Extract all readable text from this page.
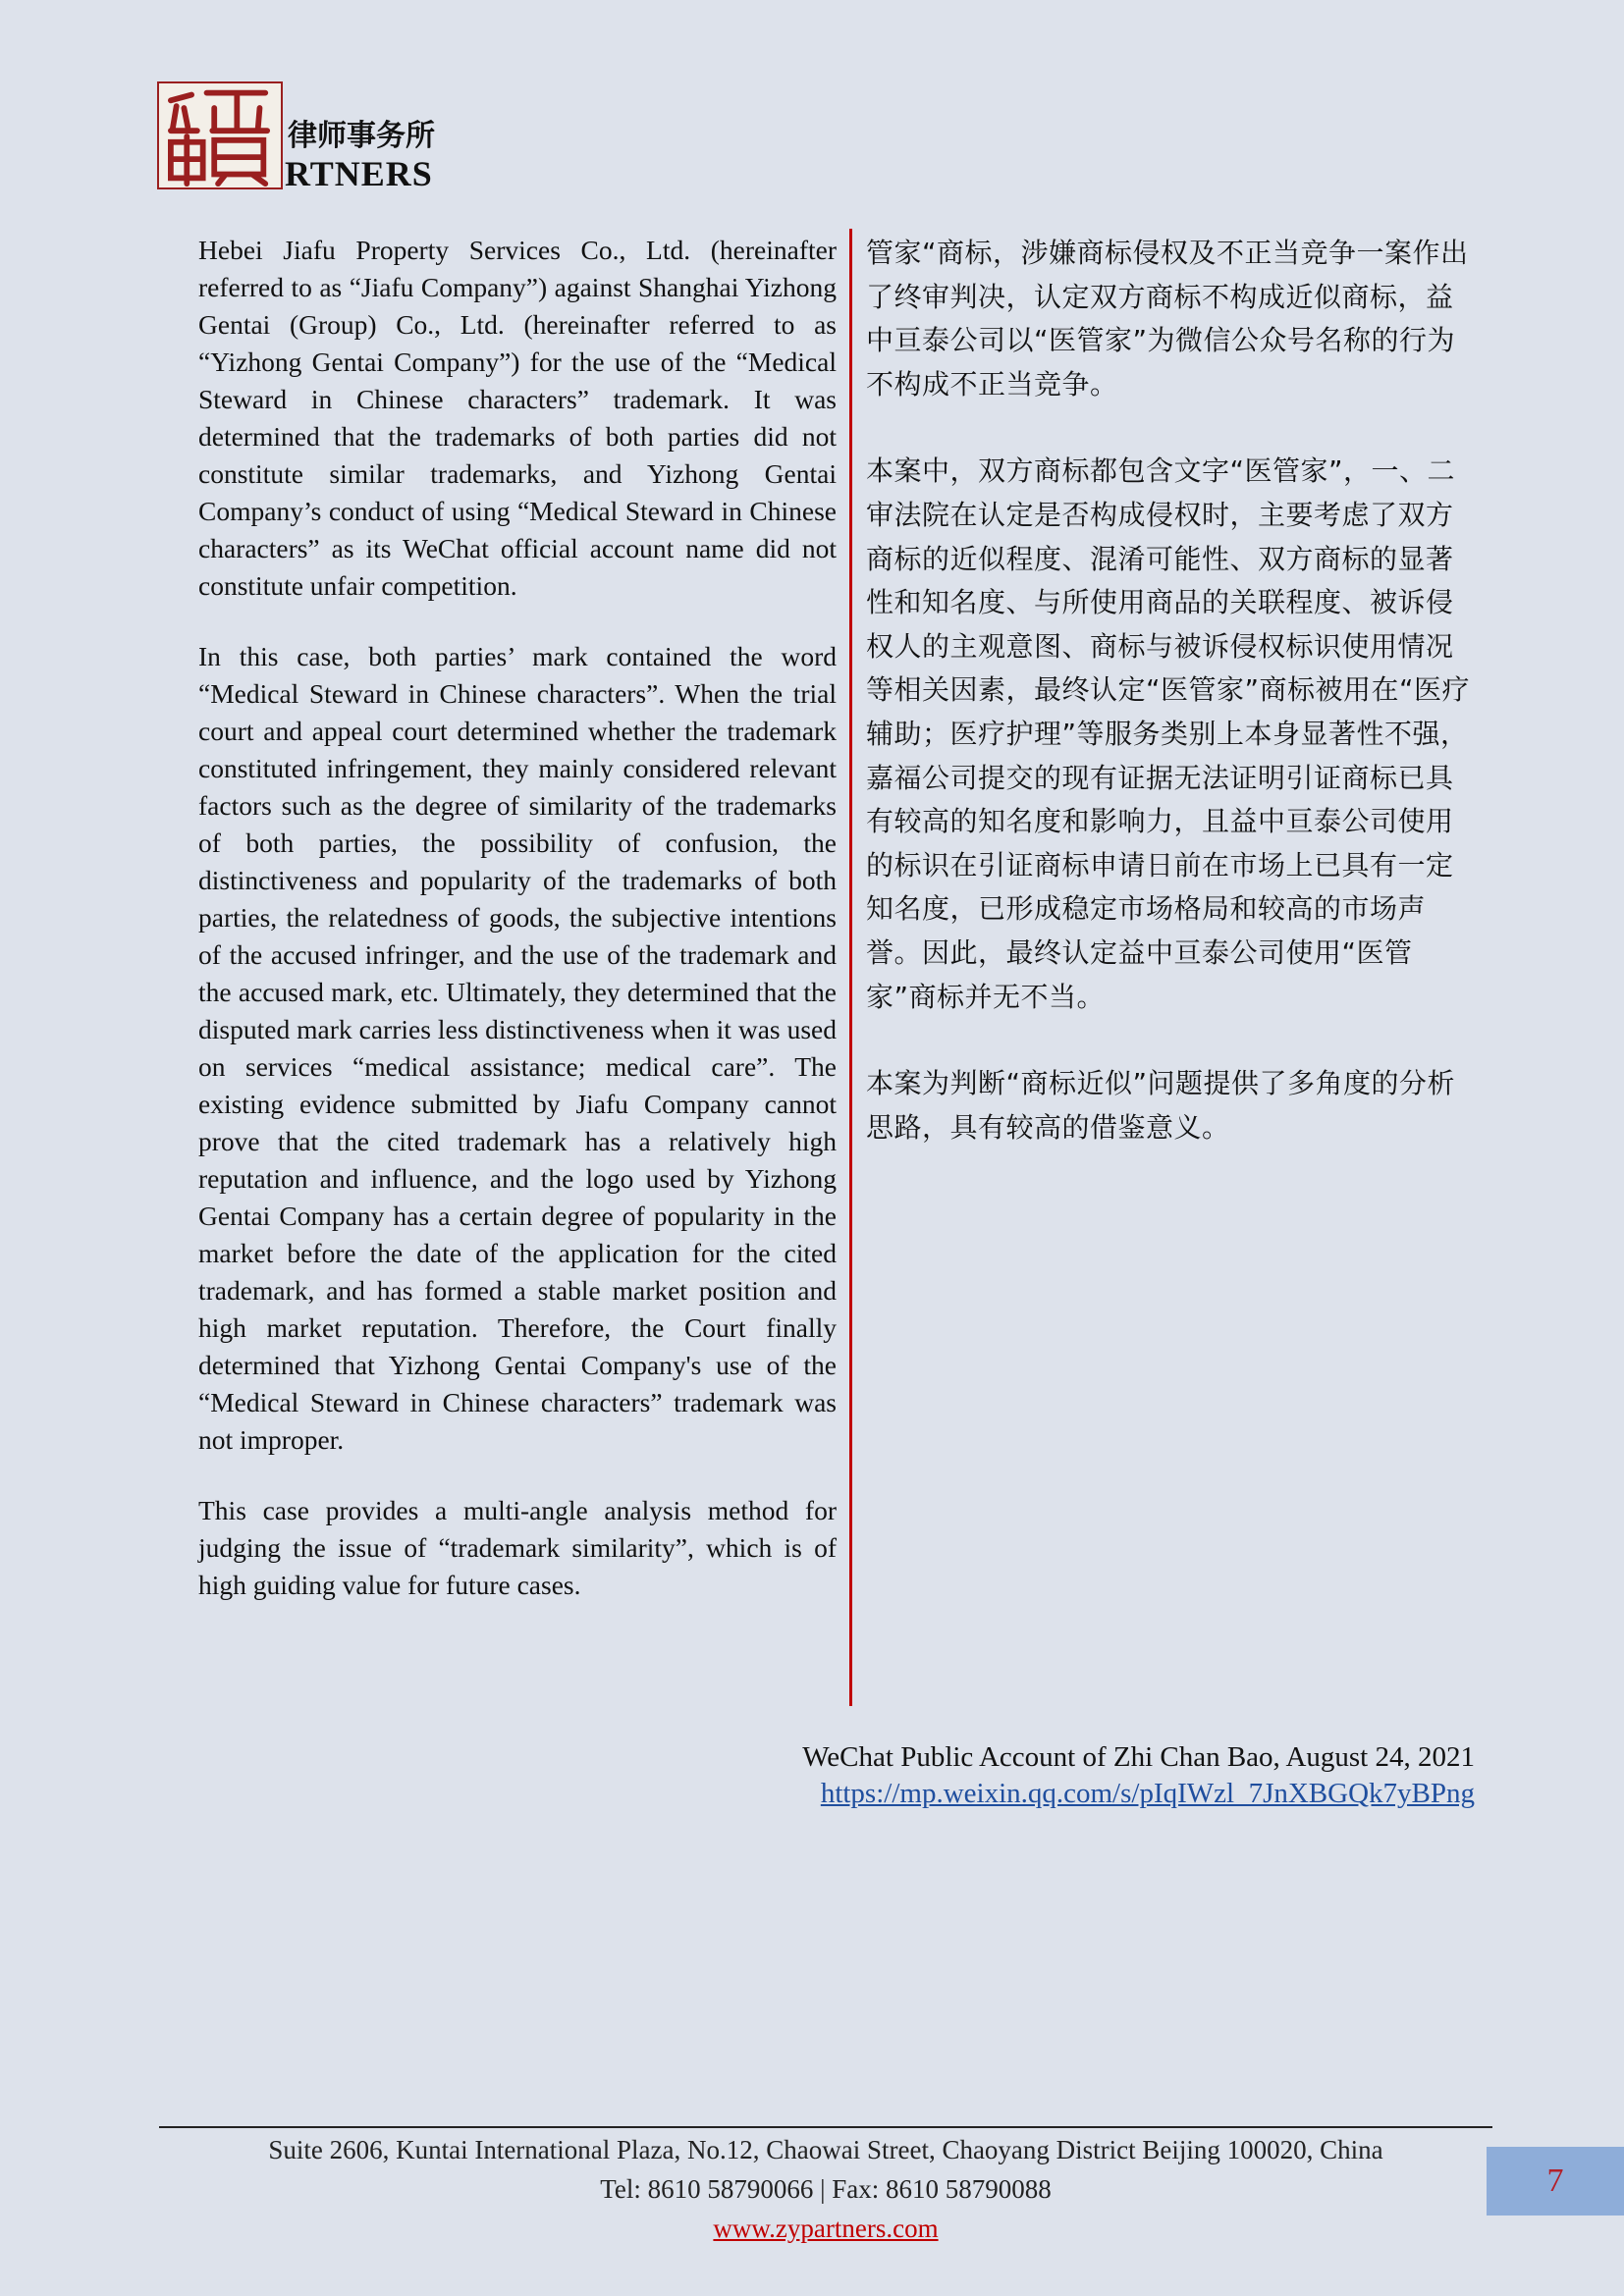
律师事务所
RTNERS

Hebei Jiafu Property Services Co., Ltd. (hereinafter referred to as “Jiafu Company”) against Shanghai Yizhong Gentai (Group) Co., Ltd. (hereinafter referred to as “Yizhong Gentai Company”) for the use of the “Medical Steward in Chinese characters” trademark. It was determined that the trademarks of both parties did not constitute similar trademarks, and Yizhong Gentai Company’s conduct of using “Medical Steward in Chinese characters” as its WeChat official account name did not constitute unfair competition.

In this case, both parties’ mark contained the word “Medical Steward in Chinese characters”. When the trial court and appeal court determined whether the trademark constituted infringement, they mainly considered relevant factors such as the degree of similarity of the trademarks of both parties, the possibility of confusion, the distinctiveness and popularity of the trademarks of both parties, the relatedness of goods, the subjective intentions of the accused infringer, and the use of the trademark and the accused mark, etc. Ultimately, they determined that the disputed mark carries less distinctiveness when it was used on services “medical assistance; medical care”. The existing evidence submitted by Jiafu Company cannot prove that the cited trademark has a relatively high reputation and influence, and the logo used by Yizhong Gentai Company has a certain degree of popularity in the market before the date of the application for the cited trademark, and has formed a stable market position and high market reputation. Therefore, the Court finally determined that Yizhong Gentai Company's use of the “Medical Steward in Chinese characters” trademark was not improper.

This case provides a multi-angle analysis method for judging the issue of “trademark similarity”, which is of high guiding value for future cases.

管家“商标，涉嫌商标侵权及不正当竞争一案作出了终审判决，认定双方商标不构成近似商标，益中亘泰公司以“医管家”为微信公众号名称的行为不构成不正当竞争。

本案中，双方商标都包含文字“医管家”，一、二审法院在认定是否构成侵权时，主要考虑了双方商标的近似程度、混淆可能性、双方商标的显著性和知名度、与所使用商品的关联程度、被诉侵权人的主观意图、商标与被诉侵权标识使用情况等相关因素，最终认定“医管家”商标被用在“医疗辅助；医疗护理”等服务类别上本身显著性不强，嘉福公司提交的现有证据无法证明引证商标已具有较高的知名度和影响力，且益中亘泰公司使用的标识在引证商标申请日前在市场上已具有一定知名度，已形成稳定市场格局和较高的市场声誉。因此，最终认定益中亘泰公司使用“医管家”商标并无不当。

本案为判断“商标近似”问题提供了多角度的分析思路，具有较高的借鉴意义。

WeChat Public Account of Zhi Chan Bao, August 24, 2021
https://mp.weixin.qq.com/s/pIqIWzl_7JnXBGQk7yBPng
Suite 2606, Kuntai International Plaza, No.12, Chaowai Street, Chaoyang District Beijing 100020, China
Tel: 8610 58790066 | Fax: 8610 58790088
www.zypartners.com
7
